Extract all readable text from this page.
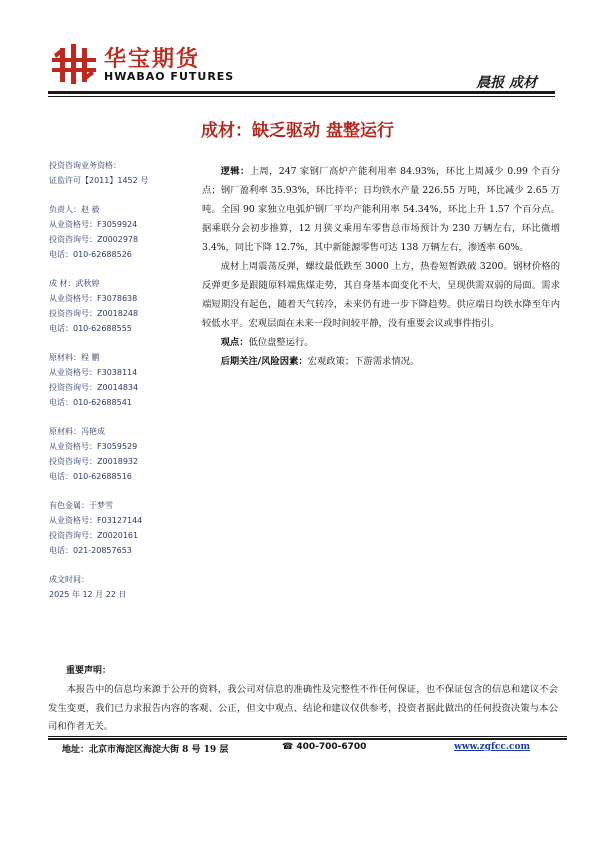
华宝期货
HWABAO FUTURES	晨报 成材
成材：缺乏驱动 盘整运行
投资咨询业务资格：
证监许可【2011】1452 号
负责人：赵 毅
从业资格号：F3059924
投资咨询号：Z0002978
电话：010-62688526
成 材：武秋婷
从业资格号：F3078638
投资咨询号：Z0018248
电话：010-62688555
原材料：程 鹏
从业资格号：F3038114
投资咨询号：Z0014834
电话：010-62688541
原材料：冯艳成
从业资格号：F3059529
投资咨询号：Z0018932
电话：010-62688516
有色金属：于梦雪
从业资格号：F03127144
投资咨询号：Z0020161
电话：021-20857653
成文时间：
2025 年 12 月 22 日

逻辑：上周，247 家钢厂高炉产能利用率 84.93%，环比上周减少 0.99 个百分点；钢厂盈利率 35.93%，环比持平；日均铁水产量 226.55 万吨，环比减少 2.65 万吨。全国 90 家独立电弧炉钢厂平均产能利用率 54.34%，环比上升 1.57 个百分点。据乘联分会初步推算，12 月狭义乘用车零售总市场预计为 230 万辆左右，环比微增 3.4%，同比下降 12.7%，其中新能源零售可达 138 万辆左右，渗透率 60%。

成材上周震荡反弹，螺纹最低跌至 3000 上方，热卷短暂跌破 3200。钢材价格的反弹更多是跟随原料端焦煤走势，其自身基本面变化不大，呈现供需双弱的局面。需求端短期没有起色，随着天气转冷，未来仍有进一步下降趋势。供应端日均铁水降至年内较低水平。宏观层面在未来一段时间较平静，没有重要会议或事件指引。

观点：低位盘整运行。

后期关注/风险因素：宏观政策；下游需求情况。

重要声明：
本报告中的信息均来源于公开的资料，我公司对信息的准确性及完整性不作任何保证，也不保证包含的信息和建议不会发生变更，我们已力求报告内容的客观、公正，但文中观点、结论和建议仅供参考，投资者据此做出的任何投资决策与本公司和作者无关。
地址：北京市海淀区海淀大街 8 号 19 层	☎ 400-700-6700	www.zgfcc.com
